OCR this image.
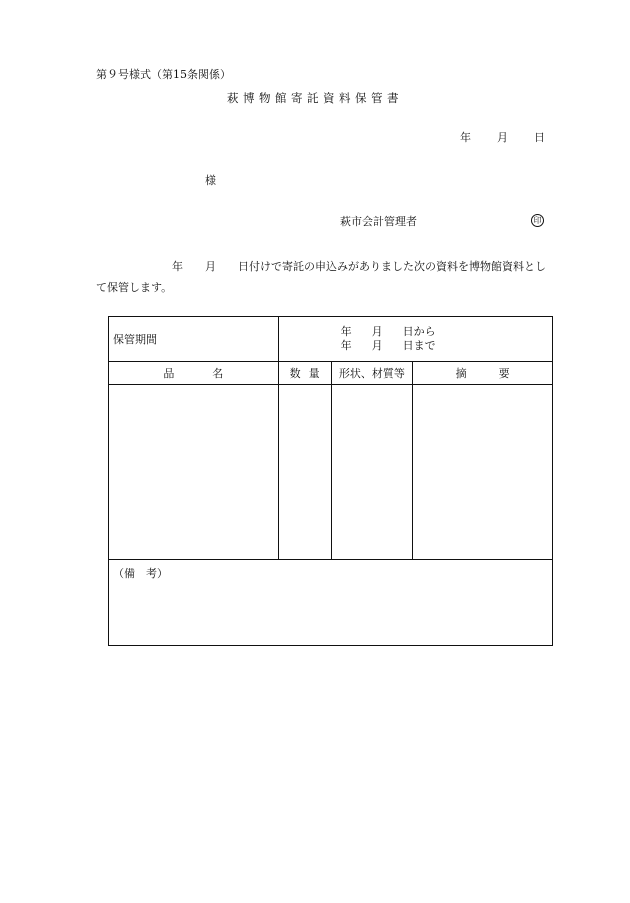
第９号様式（第15条関係）
萩博物館寄託資料保管書
年 月 日
様
萩市会計管理者	印
年 月 日付けで寄託の申込みがありました次の資料を博物館資料とし
て保管します。
保管期間	年 月 日から
年 月 日まで		

品名	数量	形状、材質等	摘要

（備　考）			
